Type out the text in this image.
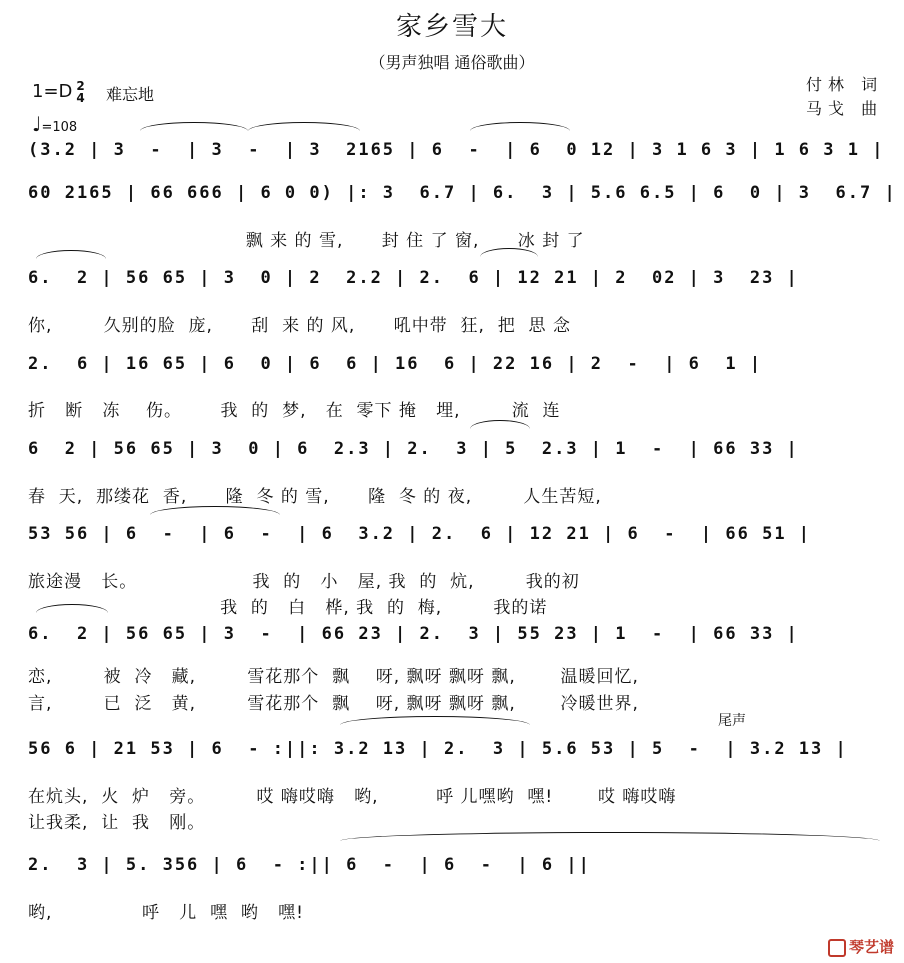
家乡雪大
（男声独唱 通俗歌曲）
1=D 2
4 难忘地
♩=108
付林 词
马戈 曲
(3.2 | 3  -  | 3  -  | 3  2165 | 6  -  | 6  0 12 | 3 1 6 3 | 1 6 3 1 |
60 2165 | 66 666 | 6 0 0) |: 3  6.7 | 6.  3 | 5.6 6.5 | 6  0 | 3  6.7 |
飘 来 的 雪,      封 住 了 窗,      冰 封 了
6.  2 | 56 65 | 3  0 | 2  2.2 | 2.  6 | 12 21 | 2  02 | 3  23 |
你,        久别的脸  庞,      刮  来 的 风,      吼中带  狂,  把  思 念
2.  6 | 16 65 | 6  0 | 6  6 | 16  6 | 22 16 | 2  -  | 6  1 |
折   断   冻    伤。      我  的  梦,   在  零下 掩   埋,        流  连
6  2 | 56 65 | 3  0 | 6  2.3 | 2.  3 | 5  2.3 | 1  -  | 66 33 |
春  天,  那缕花  香,      隆  冬 的 雪,      隆  冬 的 夜,        人生苦短,
53 56 | 6  -  | 6  -  | 6  3.2 | 2.  6 | 12 21 | 6  -  | 66 51 |
旅途漫   长。                  我  的   小   屋, 我  的  炕,        我的初
我  的   白   桦, 我  的  梅,        我的诺
6.  2 | 56 65 | 3  -  | 66 23 | 2.  3 | 55 23 | 1  -  | 66 33 |
恋,        被  冷   藏,        雪花那个  飘    呀, 飘呀 飘呀 飘,       温暖回忆,
言,        已  泛   黄,        雪花那个  飘    呀, 飘呀 飘呀 飘,       冷暖世界,
尾声
56 6 | 21 53 | 6  - :||: 3.2 13 | 2.  3 | 5.6 53 | 5  -  | 3.2 13 |
在炕头,  火  炉   旁。        哎 嗨哎嗨   哟,         呼 儿嘿哟  嘿!       哎 嗨哎嗨
让我柔,  让  我   刚。
2.  3 | 5. 356 | 6  - :|| 6  -  | 6  -  | 6 ||
哟,              呼   儿  嘿  哟   嘿!
琴艺谱
